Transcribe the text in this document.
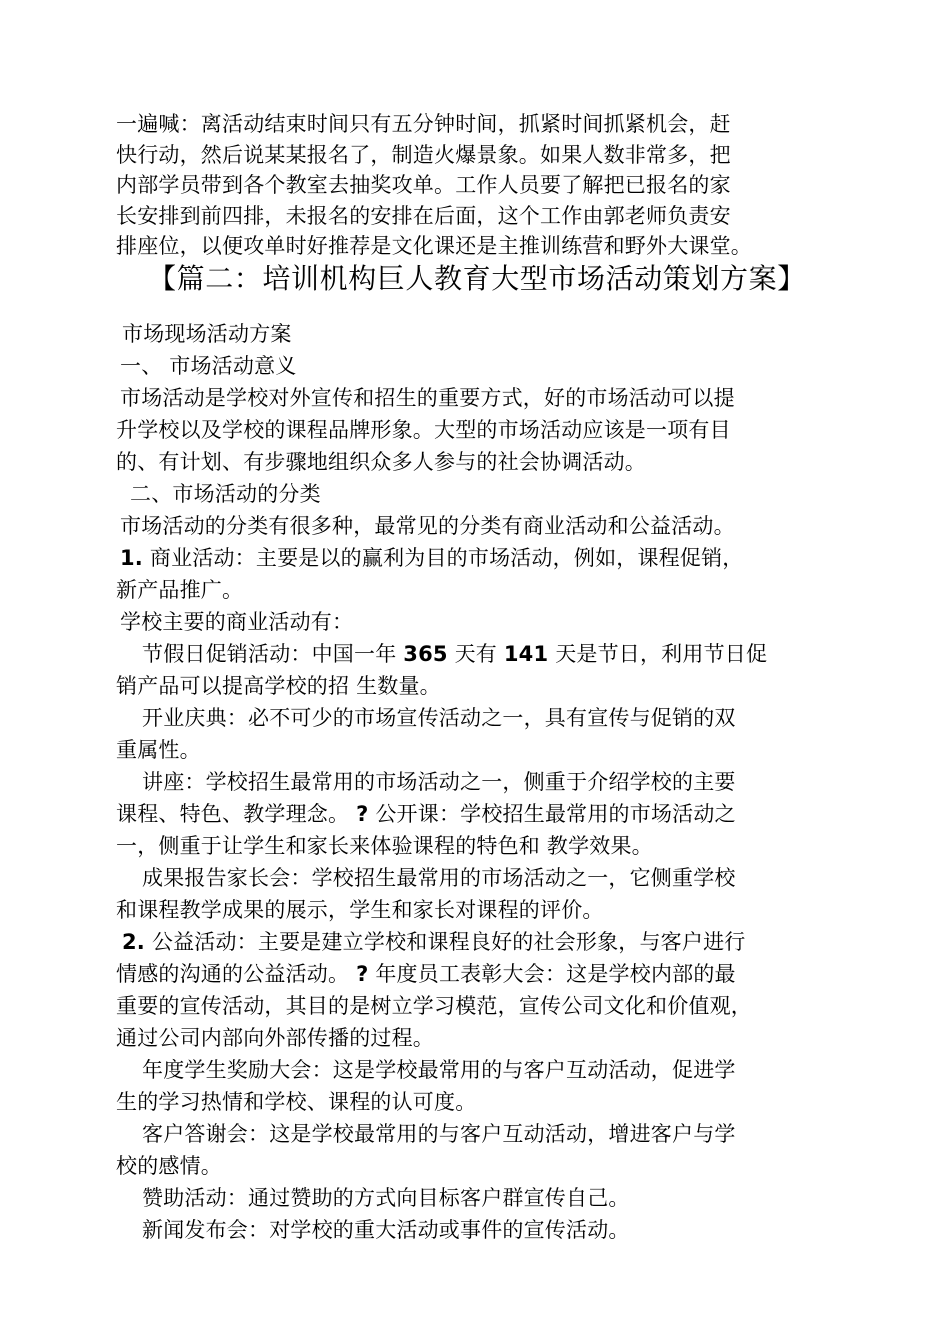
一遍喊：离活动结束时间只有五分钟时间，抓紧时间抓紧机会，赶
快行动，然后说某某报名了，制造火爆景象。如果人数非常多，把
内部学员带到各个教室去抽奖攻单。工作人员要了解把已报名的家
长安排到前四排，未报名的安排在后面，这个工作由郭老师负责安
排座位，以便攻单时好推荐是文化课还是主推训练营和野外大课堂。
【篇二：培训机构巨人教育大型市场活动策划方案】
市场现场活动方案
一、 市场活动意义
市场活动是学校对外宣传和招生的重要方式，好的市场活动可以提
升学校以及学校的课程品牌形象。大型的市场活动应该是一项有目
的、有计划、有步骤地组织众多人参与的社会协调活动。
二、市场活动的分类
市场活动的分类有很多种，最常见的分类有商业活动和公益活动。
1. 商业活动：主要是以的赢利为目的市场活动，例如，课程促销，
新产品推广。
学校主要的商业活动有：
节假日促销活动：中国一年 365 天有 141 天是节日，利用节日促
销产品可以提高学校的招 生数量。
开业庆典：必不可少的市场宣传活动之一，具有宣传与促销的双
重属性。
讲座：学校招生最常用的市场活动之一，侧重于介绍学校的主要
课程、特色、教学理念。 ? 公开课：学校招生最常用的市场活动之
一，侧重于让学生和家长来体验课程的特色和 教学效果。
成果报告家长会：学校招生最常用的市场活动之一，它侧重学校
和课程教学成果的展示，学生和家长对课程的评价。
2. 公益活动：主要是建立学校和课程良好的社会形象，与客户进行
情感的沟通的公益活动。 ? 年度员工表彰大会：这是学校内部的最
重要的宣传活动，其目的是树立学习模范，宣传公司文化和价值观，
通过公司内部向外部传播的过程。
年度学生奖励大会：这是学校最常用的与客户互动活动，促进学
生的学习热情和学校、课程的认可度。
客户答谢会：这是学校最常用的与客户互动活动，增进客户与学
校的感情。
赞助活动：通过赞助的方式向目标客户群宣传自己。
新闻发布会：对学校的重大活动或事件的宣传活动。
